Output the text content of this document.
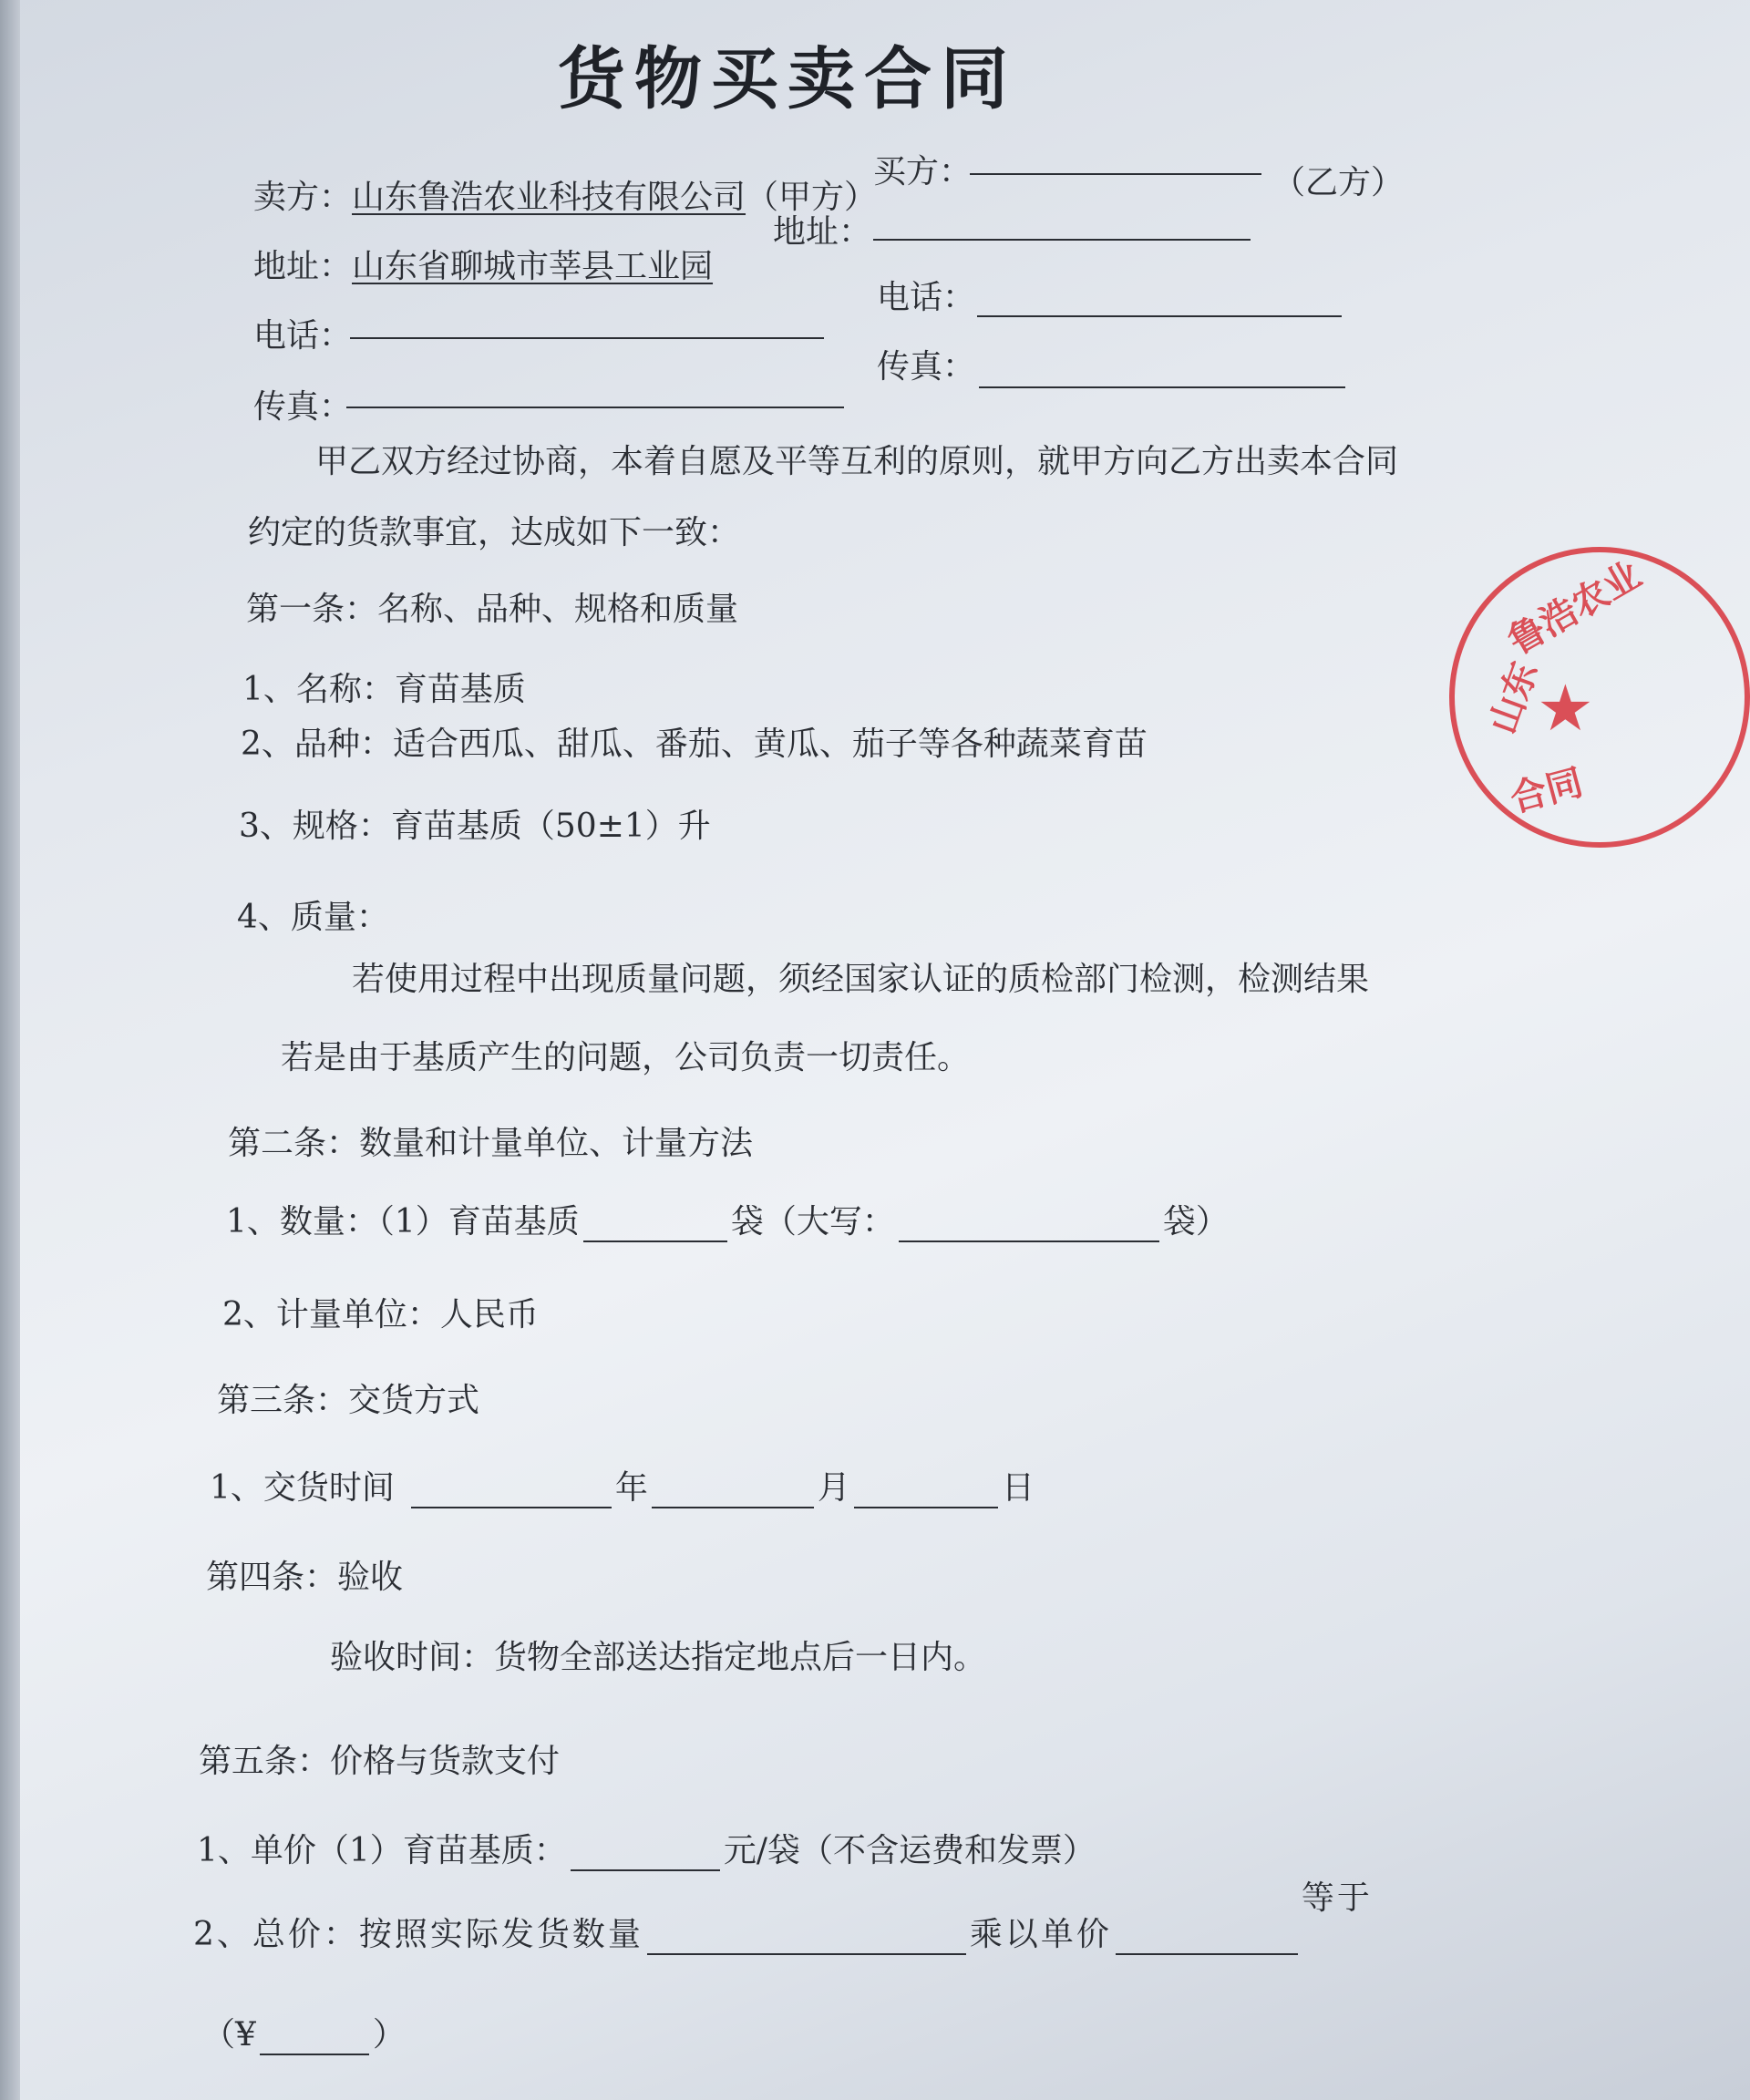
货物买卖合同
卖方：山东鲁浩农业科技有限公司（甲方）
买方：	（乙方）
地址：山东省聊城市莘县工业园
地址：
电话：
电话：
传真：
传真：
甲乙双方经过协商，本着自愿及平等互利的原则，就甲方向乙方出卖本合同
约定的货款事宜，达成如下一致：
第一条：名称、品种、规格和质量
1、名称：育苗基质
2、品种：适合西瓜、甜瓜、番茄、黄瓜、茄子等各种蔬菜育苗
3、规格：育苗基质（50±1）升
4、质量：
若使用过程中出现质量问题，须经国家认证的质检部门检测，检测结果
若是由于基质产生的问题，公司负责一切责任。
第二条：数量和计量单位、计量方法
1、数量：（1）育苗基质	袋（大写：	袋）
2、计量单位：人民币
第三条：交货方式
1、交货时间	年	月	日
第四条：验收
验收时间：货物全部送达指定地点后一日内。
第五条：价格与货款支付
1、单价（1）育苗基质：	元/袋（不含运费和发票）
2、总价：按照实际发货数量	乘以单价等于
（¥	）
山东
鲁浩农业
★
合同
